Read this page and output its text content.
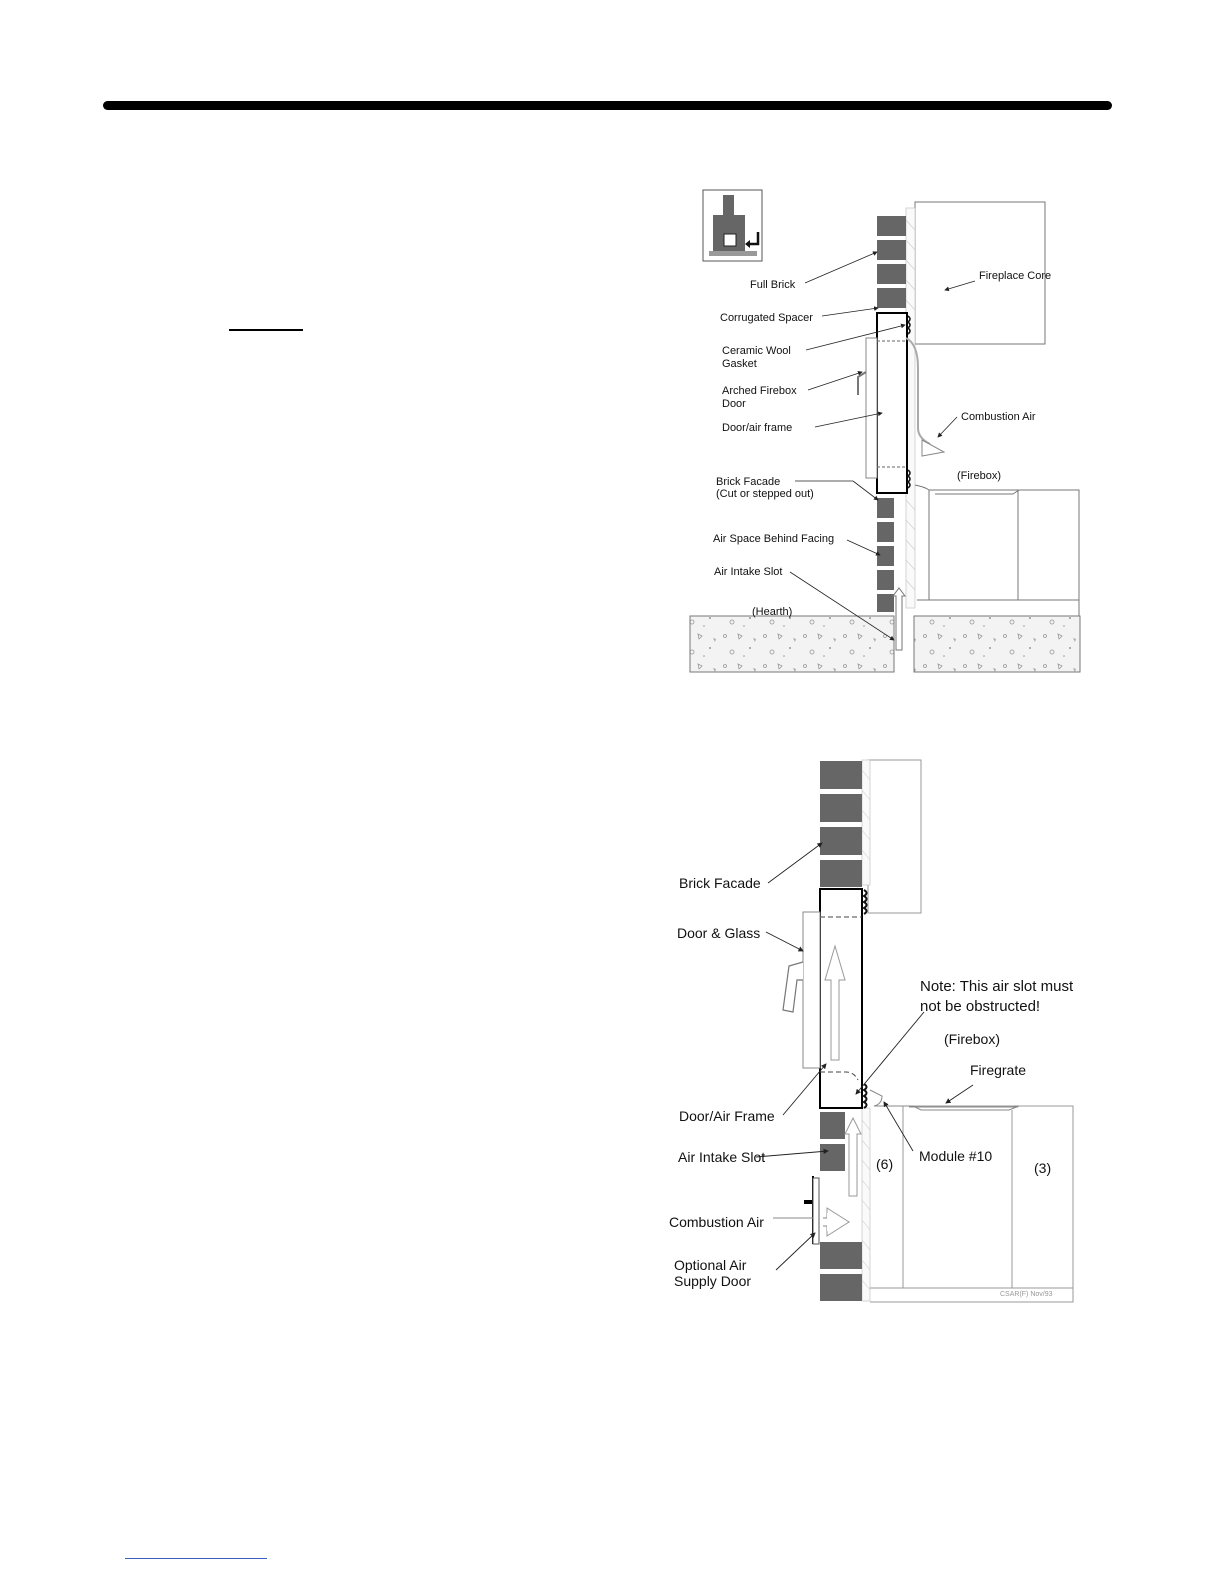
Full Brick
Corrugated Spacer
Ceramic Wool
Gasket
Arched Firebox
Door
Door/air frame
Brick Facade
(Cut or stepped out)
Air Space Behind Facing
Air Intake Slot
(Hearth)
Fireplace Core
Combustion Air
(Firebox)
Brick Facade
Door & Glass
Note: This air slot must
not be obstructed!
(Firebox)
Firegrate
Door/Air Frame
Air Intake Slot	Module #10
(6)	(3)
Combustion Air
Optional Air
Supply Door
CSAR(F) Nov/93
